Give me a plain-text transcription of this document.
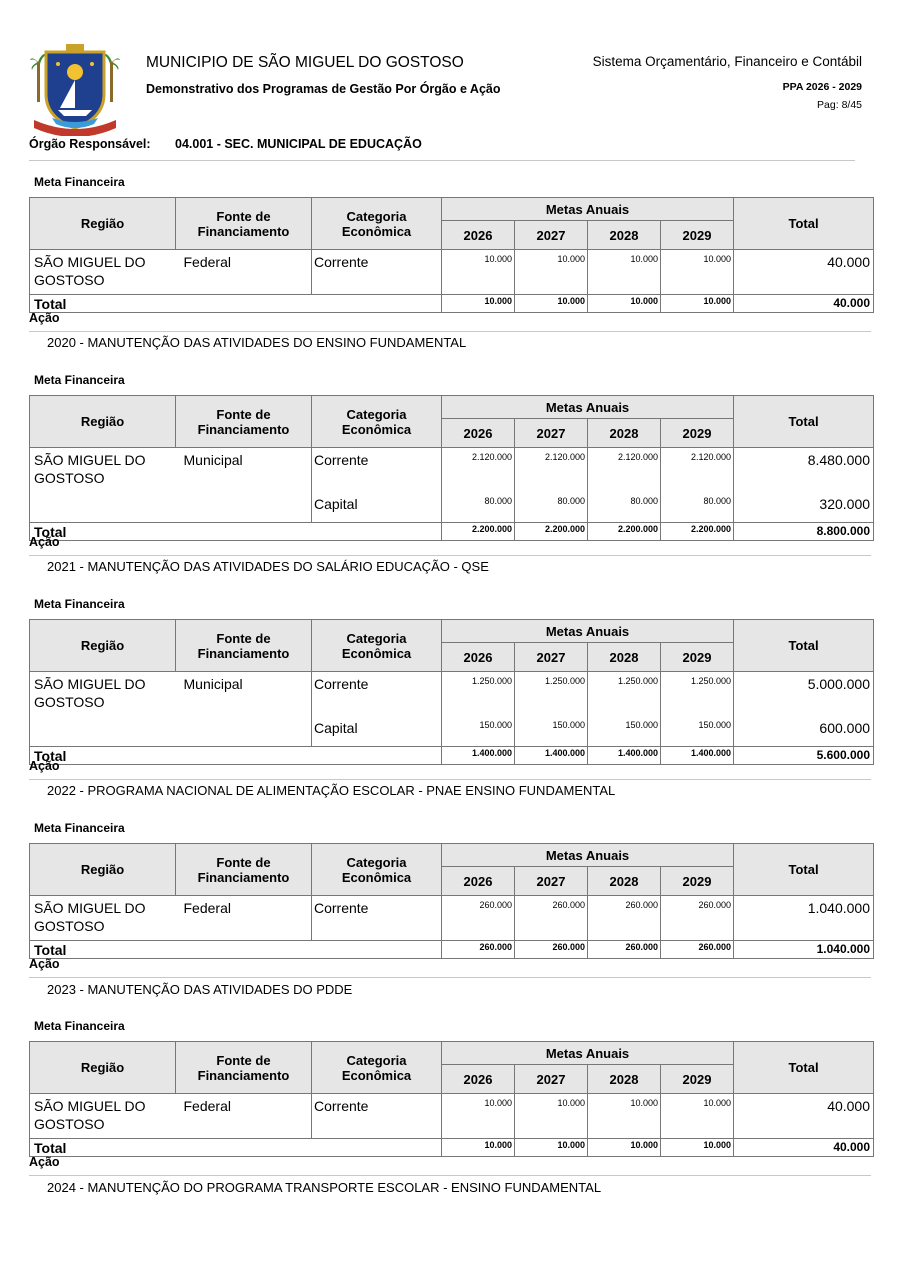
MUNICIPIO DE SÃO MIGUEL DO GOSTOSO
Demonstrativo dos Programas de Gestão Por Órgão e Ação
Sistema Orçamentário, Financeiro e Contábil
PPA 2026 - 2029
Pag: 8/45
Órgão Responsável: 04.001 - SEC. MUNICIPAL DE EDUCAÇÃO
Meta Financeira
Região	Fonte de Financiamento	Categoria Econômica	Metas Anuais				Total
			2026	2027	2028	2029	
SÃO MIGUEL DO GOSTOSO	Federal	Corrente	10.000	10.000	10.000	10.000	40.000
Total			10.000	10.000	10.000	10.000	40.000
Ação
2020 - MANUTENÇÃO DAS ATIVIDADES DO ENSINO FUNDAMENTAL
Meta Financeira
Região	Fonte de Financiamento	Categoria Econômica	Metas Anuais				Total
			2026	2027	2028	2029	
SÃO MIGUEL DO GOSTOSO	Municipal	Corrente	2.120.000	2.120.000	2.120.000	2.120.000	8.480.000
		Capital	80.000	80.000	80.000	80.000	320.000
Total			2.200.000	2.200.000	2.200.000	2.200.000	8.800.000
Ação
2021 - MANUTENÇÃO DAS ATIVIDADES DO SALÁRIO EDUCAÇÃO - QSE
Meta Financeira
Região	Fonte de Financiamento	Categoria Econômica	Metas Anuais				Total
			2026	2027	2028	2029	
SÃO MIGUEL DO GOSTOSO	Municipal	Corrente	1.250.000	1.250.000	1.250.000	1.250.000	5.000.000
		Capital	150.000	150.000	150.000	150.000	600.000
Total			1.400.000	1.400.000	1.400.000	1.400.000	5.600.000
Ação
2022 - PROGRAMA NACIONAL DE ALIMENTAÇÃO ESCOLAR - PNAE ENSINO FUNDAMENTAL
Meta Financeira
Região	Fonte de Financiamento	Categoria Econômica	Metas Anuais				Total
			2026	2027	2028	2029	
SÃO MIGUEL DO GOSTOSO	Federal	Corrente	260.000	260.000	260.000	260.000	1.040.000
Total			260.000	260.000	260.000	260.000	1.040.000
Ação
2023 - MANUTENÇÃO DAS ATIVIDADES DO PDDE
Meta Financeira
Região	Fonte de Financiamento	Categoria Econômica	Metas Anuais				Total
			2026	2027	2028	2029	
SÃO MIGUEL DO GOSTOSO	Federal	Corrente	10.000	10.000	10.000	10.000	40.000
Total			10.000	10.000	10.000	10.000	40.000
Ação
2024 - MANUTENÇÃO DO PROGRAMA TRANSPORTE ESCOLAR - ENSINO FUNDAMENTAL
